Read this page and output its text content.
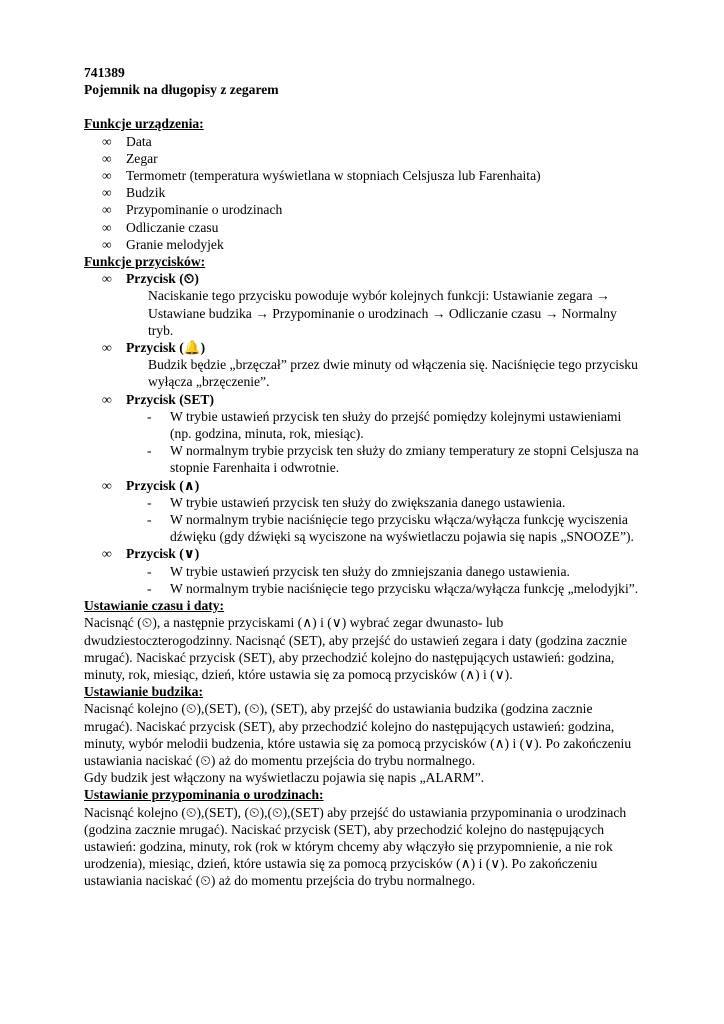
741389
Pojemnik na długopisy z zegarem
Funkcje urządzenia:
∞ Data
∞ Zegar
∞ Termometr (temperatura wyświetlana w stopniach Celsjusza lub Farenhaita)
∞ Budzik
∞ Przypominanie o urodzinach
∞ Odliczanie czasu
∞ Granie melodyjek
Funkcje przycisków:
∞ Przycisk (⏲)
Naciskanie tego przycisku powoduje wybór kolejnych funkcji: Ustawianie zegara → Ustawiane budzika → Przypominanie o urodzinach → Odliczanie czasu → Normalny tryb.
∞ Przycisk (🔔)
Budzik będzie „brzęczał” przez dwie minuty od włączenia się. Naciśnięcie tego przycisku wyłącza „brzęczenie”.
∞ Przycisk (SET)
- W trybie ustawień przycisk ten służy do przejść pomiędzy kolejnymi ustawieniami (np. godzina, minuta, rok, miesiąc).
- W normalnym trybie przycisk ten służy do zmiany temperatury ze stopni Celsjusza na stopnie Farenhaita i odwrotnie.
∞ Przycisk (∧)
- W trybie ustawień przycisk ten służy do zwiększania danego ustawienia.
- W normalnym trybie naciśnięcie tego przycisku włącza/wyłącza funkcję wyciszenia dźwięku (gdy dźwięki są wyciszone na wyświetlaczu pojawia się napis „SNOOZE”).
∞ Przycisk (∨)
- W trybie ustawień przycisk ten służy do zmniejszania danego ustawienia.
- W normalnym trybie naciśnięcie tego przycisku włącza/wyłącza funkcję „melodyjki”.
Ustawianie czasu i daty:
Nacisnąć (⏲), a następnie przyciskami (∧) i (∨) wybrać zegar dwunasto- lub dwudziestoczterogodzinny. Nacisnąć (SET), aby przejść do ustawień zegara i daty (godzina zacznie mrugać). Naciskać przycisk (SET), aby przechodzić kolejno do następujących ustawień: godzina, minuty, rok, miesiąc, dzień, które ustawia się za pomocą przycisków (∧) i (∨).
Ustawianie budzika:
Nacisnąć kolejno (⏲),(SET), (⏲), (SET), aby przejść do ustawiania budzika (godzina zacznie mrugać). Naciskać przycisk (SET), aby przechodzić kolejno do następujących ustawień: godzina, minuty, wybór melodii budzenia, które ustawia się za pomocą przycisków (∧) i (∨). Po zakończeniu ustawiania naciskać (⏲) aż do momentu przejścia do trybu normalnego.
Gdy budzik jest włączony na wyświetlaczu pojawia się napis „ALARM”.
Ustawianie przypominania o urodzinach:
Nacisnąć kolejno (⏲),(SET), (⏲),(⏲),(SET) aby przejść do ustawiania przypominania o urodzinach (godzina zacznie mrugać). Naciskać przycisk (SET), aby przechodzić kolejno do następujących ustawień: godzina, minuty, rok (rok w którym chcemy aby włączyło się przypomnienie, a nie rok urodzenia), miesiąc, dzień, które ustawia się za pomocą przycisków (∧) i (∨). Po zakończeniu ustawiania naciskać (⏲) aż do momentu przejścia do trybu normalnego.
